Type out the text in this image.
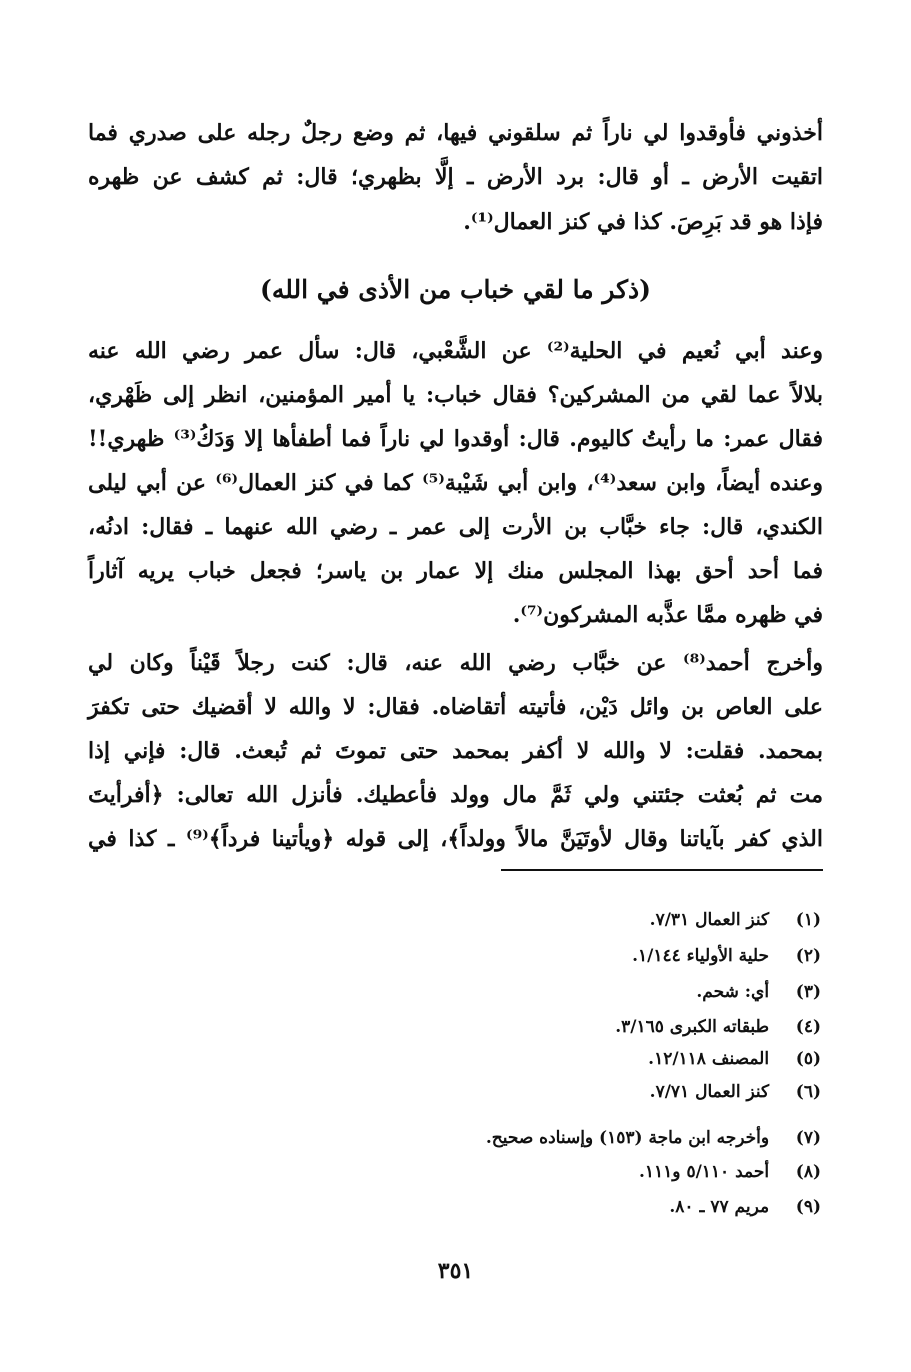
أخذوني فأوقدوا لي ناراً ثم سلقوني فيها، ثم وضع رجلٌ رجله على صدري فما
اتقيت الأرض ـ أو قال: برد الأرض ـ إلَّا بظهري؛ قال: ثم كشف عن ظهره
فإذا هو قد بَرِصَ. كذا في كنز العمال⁽¹⁾.
(ذكر ما لقي خباب من الأذى في الله)
وعند أبي نُعيم في الحلية⁽²⁾ عن الشَّعْبي، قال: سأل عمر رضي الله عنه
بلالاً عما لقي من المشركين؟ فقال خباب: يا أمير المؤمنين، انظر إلى ظَهْري،
فقال عمر: ما رأيتُ كاليوم. قال: أوقدوا لي ناراً فما أطفأها إلا وَدَكُ⁽³⁾ ظهري!!
وعنده أيضاً، وابن سعد⁽⁴⁾، وابن أبي شَيْبة⁽⁵⁾ كما في كنز العمال⁽⁶⁾ عن أبي ليلى
الكندي، قال: جاء خبَّاب بن الأرت إلى عمر ـ رضي الله عنهما ـ فقال: ادنُه،
فما أحد أحق بهذا المجلس منك إلا عمار بن ياسر؛ فجعل خباب يريه آثاراً
في ظهره ممَّا عذَّبه المشركون⁽⁷⁾.
وأخرج أحمد⁽⁸⁾ عن خبَّاب رضي الله عنه، قال: كنت رجلاً قَيْناً وكان لي
على العاص بن وائل دَيْن، فأتيته أتقاضاه. فقال: لا والله لا أقضيك حتى تكفرَ
بمحمد. فقلت: لا والله لا أكفر بمحمد حتى تموتَ ثم تُبعث. قال: فإني إذا
مت ثم بُعثت جئتني ولي ثَمَّ مال وولد فأعطيك. فأنزل الله تعالى: ﴿أفرأيتَ
الذي كفر بآياتنا وقال لأوتَيَنَّ مالاً وولداً﴾، إلى قوله ﴿ويأتينا فرداً﴾⁽⁹⁾ ـ كذا في
(١) كنز العمال ٧/٣١.
(٢) حلية الأولياء ١/١٤٤.
(٣) أي: شحم.
(٤) طبقاته الكبرى ٣/١٦٥.
(٥) المصنف ١٢/١١٨.
(٦) كنز العمال ٧/٧١.
(٧) وأخرجه ابن ماجة (١٥٣) وإسناده صحيح.
(٨) أحمد ٥/١١٠ و١١١.
(٩) مريم ٧٧ ـ ٨٠.
٣٥١
